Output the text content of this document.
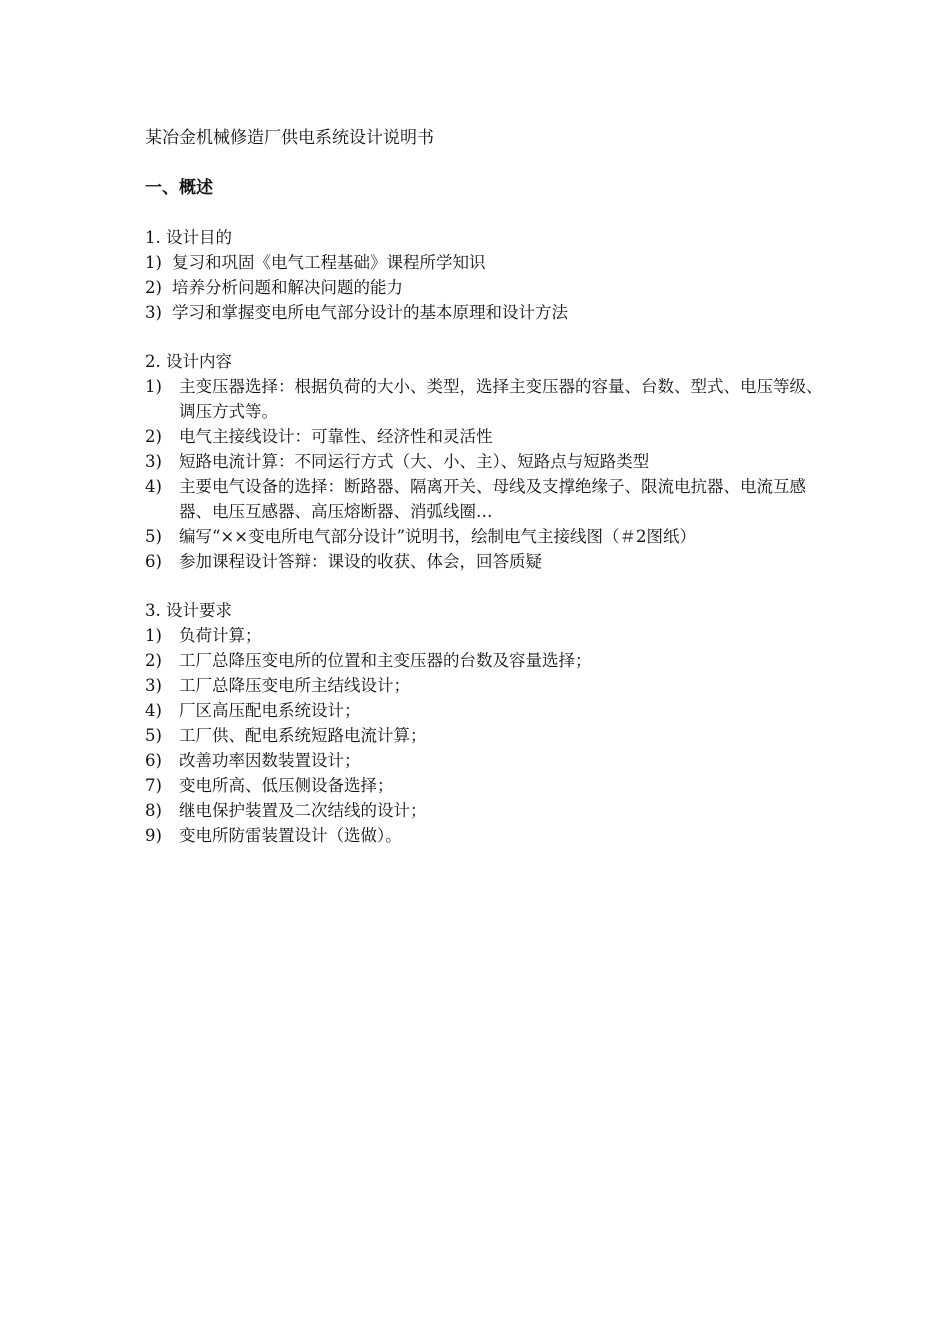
某冶金机械修造厂供电系统设计说明书
一、概述
1. 设计目的
1) 复习和巩固《电气工程基础》课程所学知识
2) 培养分析问题和解决问题的能力
3) 学习和掌握变电所电气部分设计的基本原理和设计方法
2. 设计内容
1)	主变压器选择：根据负荷的大小、类型，选择主变压器的容量、台数、型式、电压等级、调压方式等。
2)	电气主接线设计：可靠性、经济性和灵活性
3)	短路电流计算：不同运行方式（大、小、主）、短路点与短路类型
4)	主要电气设备的选择：断路器、隔离开关、母线及支撑绝缘子、限流电抗器、电流互感器、电压互感器、高压熔断器、消弧线圈…
5)	编写“××变电所电气部分设计”说明书，绘制电气主接线图（＃2图纸）
6)	参加课程设计答辩：课设的收获、体会，回答质疑
3. 设计要求
1)	负荷计算；
2)	工厂总降压变电所的位置和主变压器的台数及容量选择；
3)	工厂总降压变电所主结线设计；
4)	厂区高压配电系统设计；
5)	工厂供、配电系统短路电流计算；
6)	改善功率因数装置设计；
7)	变电所高、低压侧设备选择；
8)	继电保护装置及二次结线的设计；
9)	变电所防雷装置设计（选做）。
